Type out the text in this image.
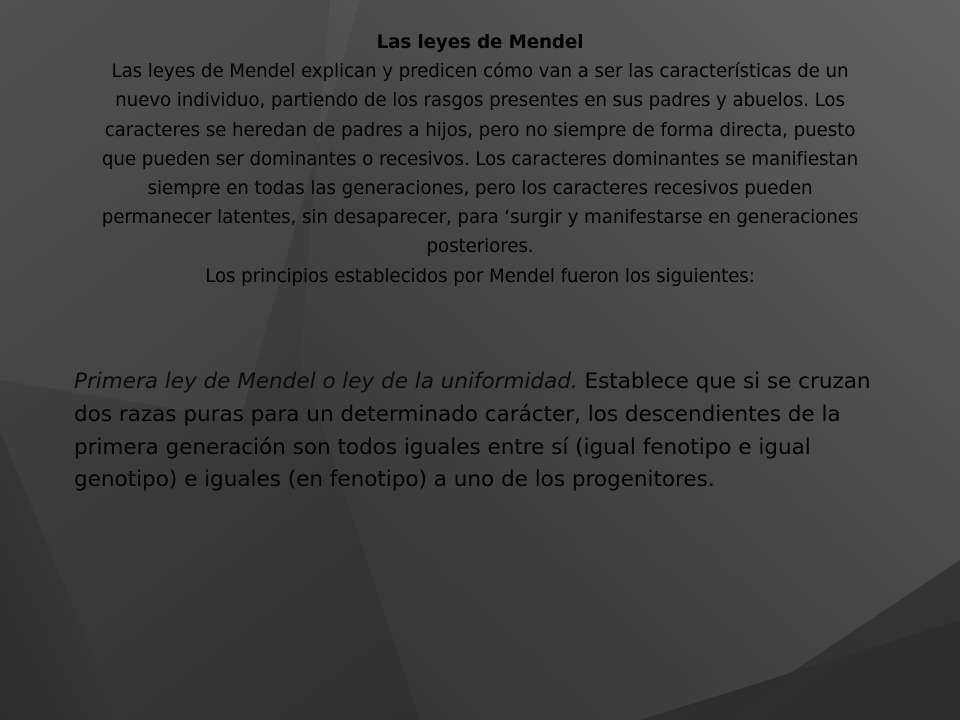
Las leyes de Mendel
Las leyes de Mendel explican y predicen cómo van a ser las características de un nuevo individuo, partiendo de los rasgos presentes en sus padres y abuelos. Los caracteres se heredan de padres a hijos, pero no siempre de forma directa, puesto que pueden ser dominantes o recesivos. Los caracteres dominantes se manifiestan siempre en todas las generaciones, pero los caracteres recesivos pueden permanecer latentes, sin desaparecer, para ‘surgir y manifestarse en generaciones posteriores.
Los principios establecidos por Mendel fueron los siguientes:
Primera ley de Mendel o ley de la uniformidad. Establece que si se cruzan dos razas puras para un determinado carácter, los descendientes de la primera generación son todos iguales entre sí (igual fenotipo e igual genotipo) e iguales (en fenotipo) a uno de los progenitores.
